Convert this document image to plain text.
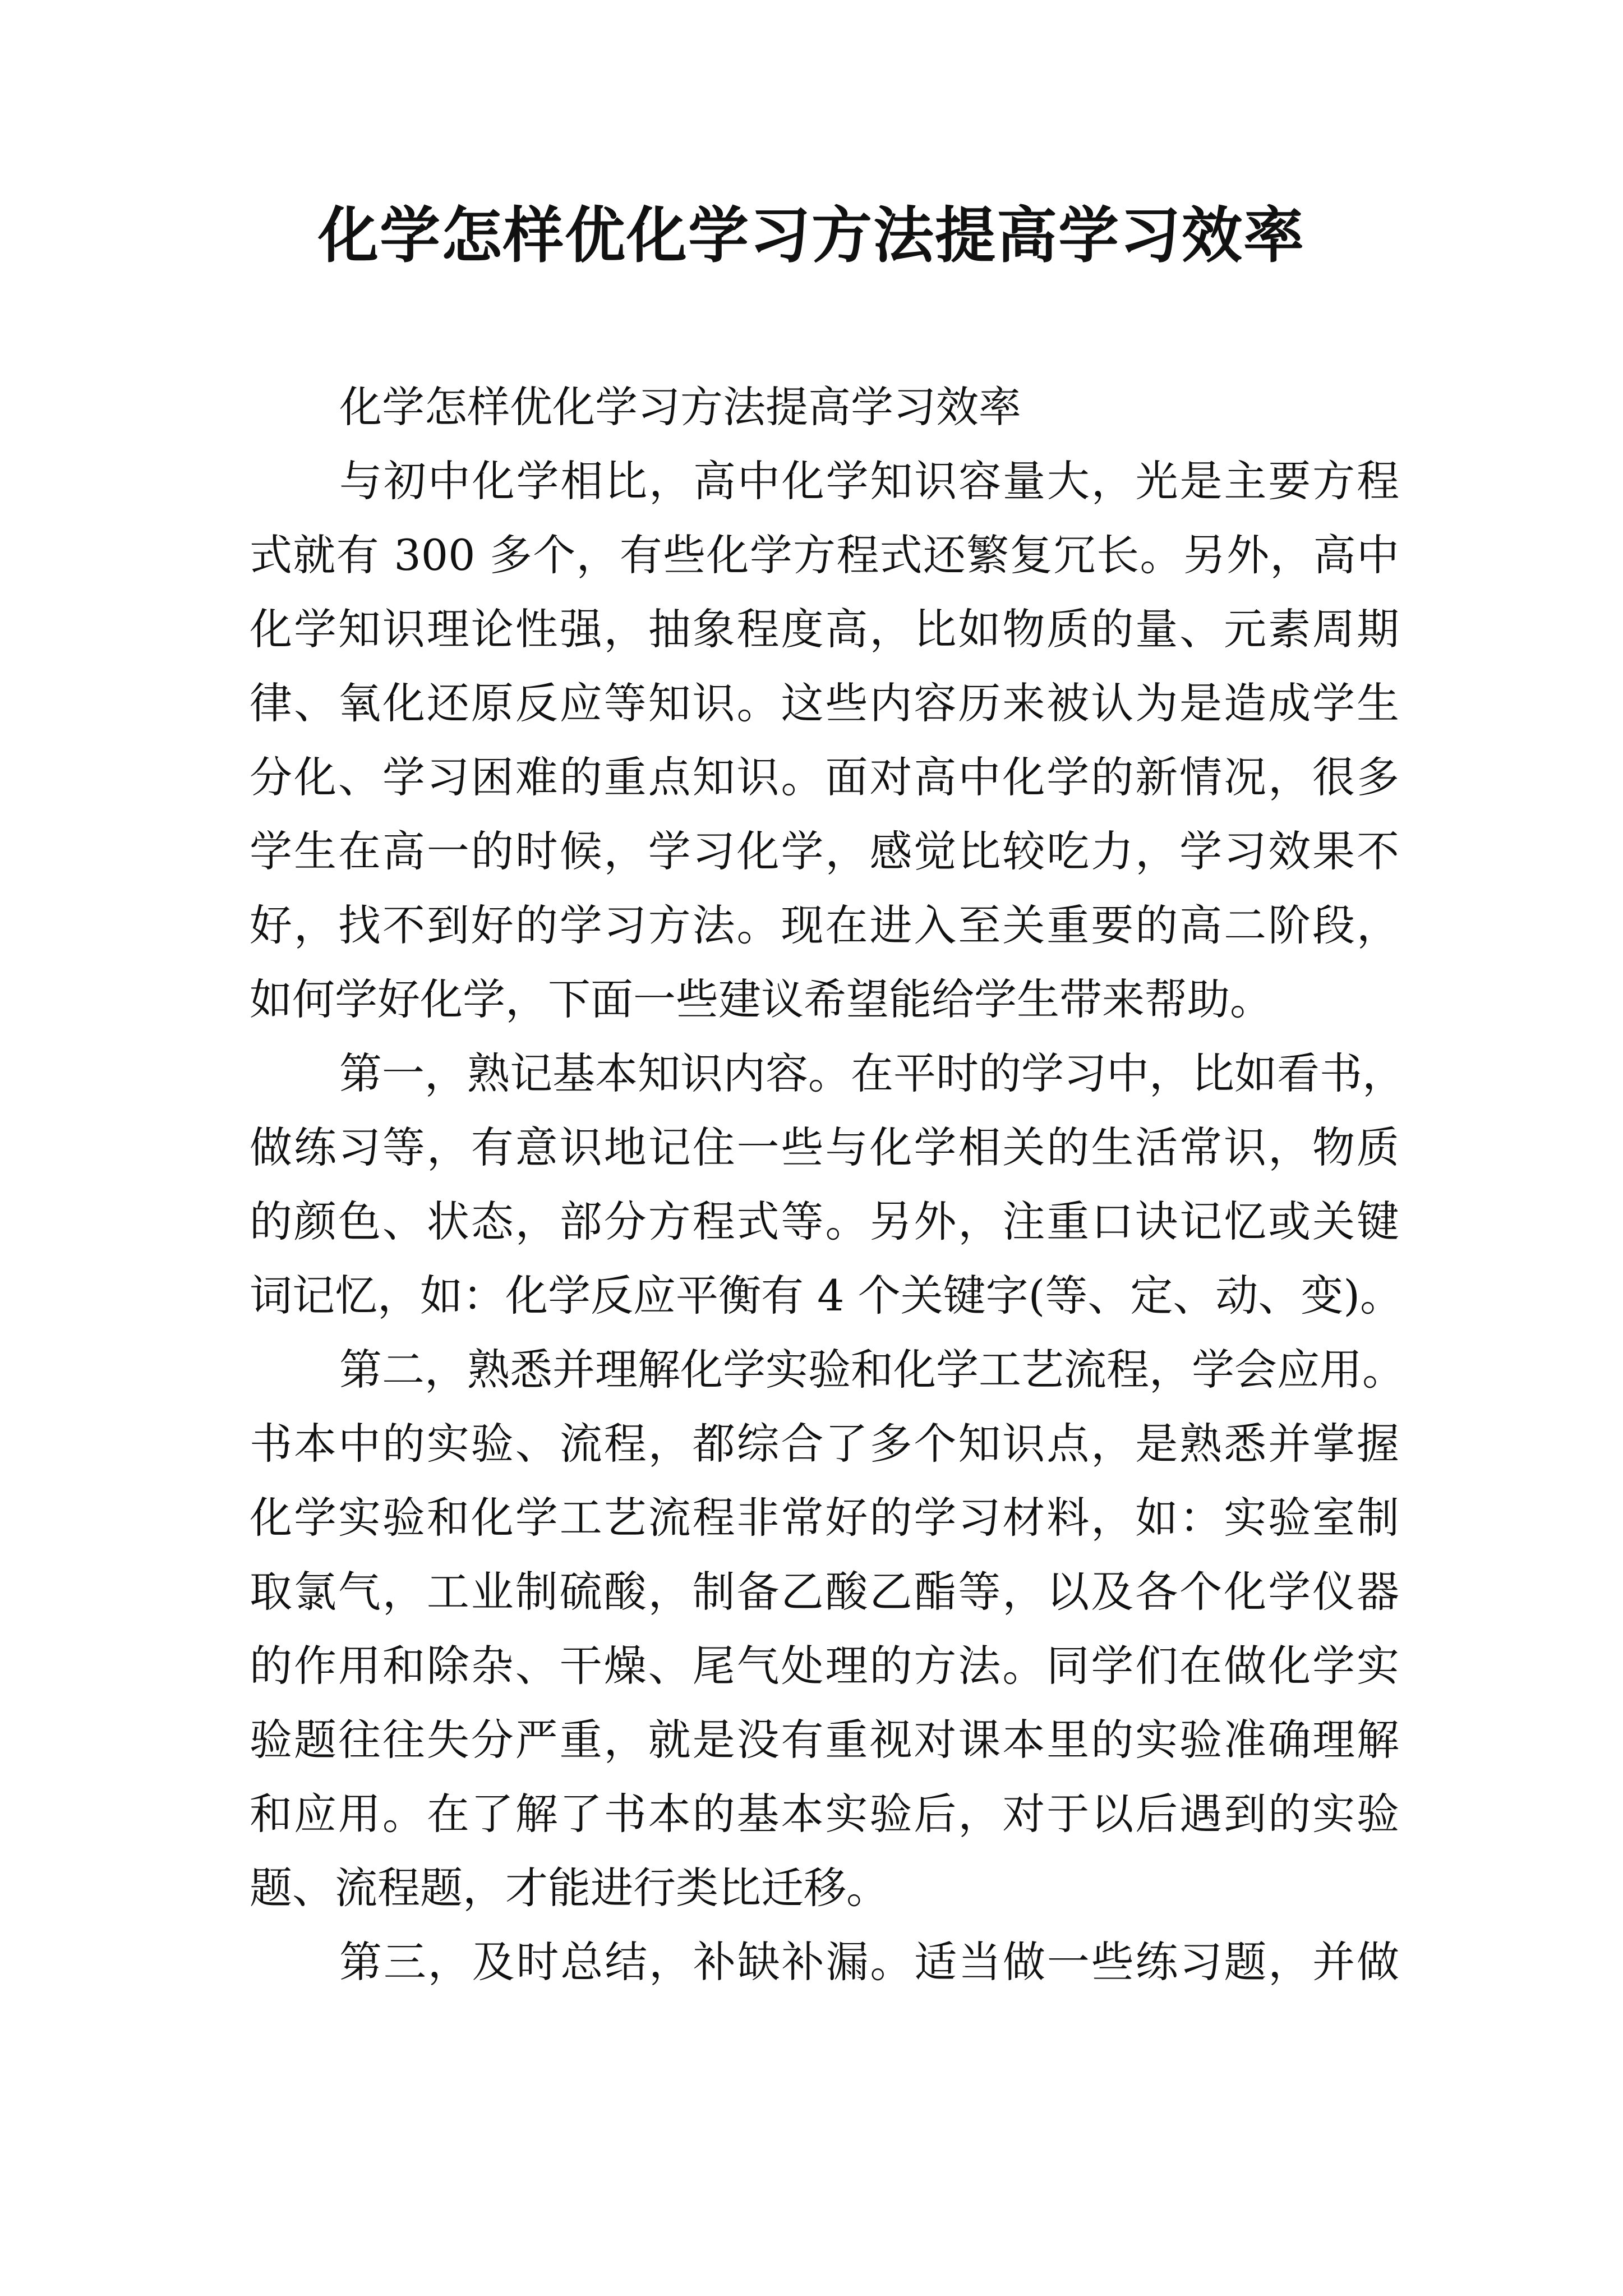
化学怎样优化学习方法提高学习效率
化学怎样优化学习方法提高学习效率
与初中化学相比，高中化学知识容量大，光是主要方程
式就有 300 多个，有些化学方程式还繁复冗长。另外，高中
化学知识理论性强，抽象程度高，比如物质的量、元素周期
律、氧化还原反应等知识。这些内容历来被认为是造成学生
分化、学习困难的重点知识。面对高中化学的新情况，很多
学生在高一的时候，学习化学，感觉比较吃力，学习效果不
好，找不到好的学习方法。现在进入至关重要的高二阶段，
如何学好化学，下面一些建议希望能给学生带来帮助。
第一，熟记基本知识内容。在平时的学习中，比如看书，
做练习等，有意识地记住一些与化学相关的生活常识，物质
的颜色、状态，部分方程式等。另外，注重口诀记忆或关键
词记忆，如：化学反应平衡有 4 个关键字(等、定、动、变)。
第二，熟悉并理解化学实验和化学工艺流程，学会应用。
书本中的实验、流程，都综合了多个知识点，是熟悉并掌握
化学实验和化学工艺流程非常好的学习材料，如：实验室制
取氯气，工业制硫酸，制备乙酸乙酯等，以及各个化学仪器
的作用和除杂、干燥、尾气处理的方法。同学们在做化学实
验题往往失分严重，就是没有重视对课本里的实验准确理解
和应用。在了解了书本的基本实验后，对于以后遇到的实验
题、流程题，才能进行类比迁移。
第三，及时总结，补缺补漏。适当做一些练习题，并做
